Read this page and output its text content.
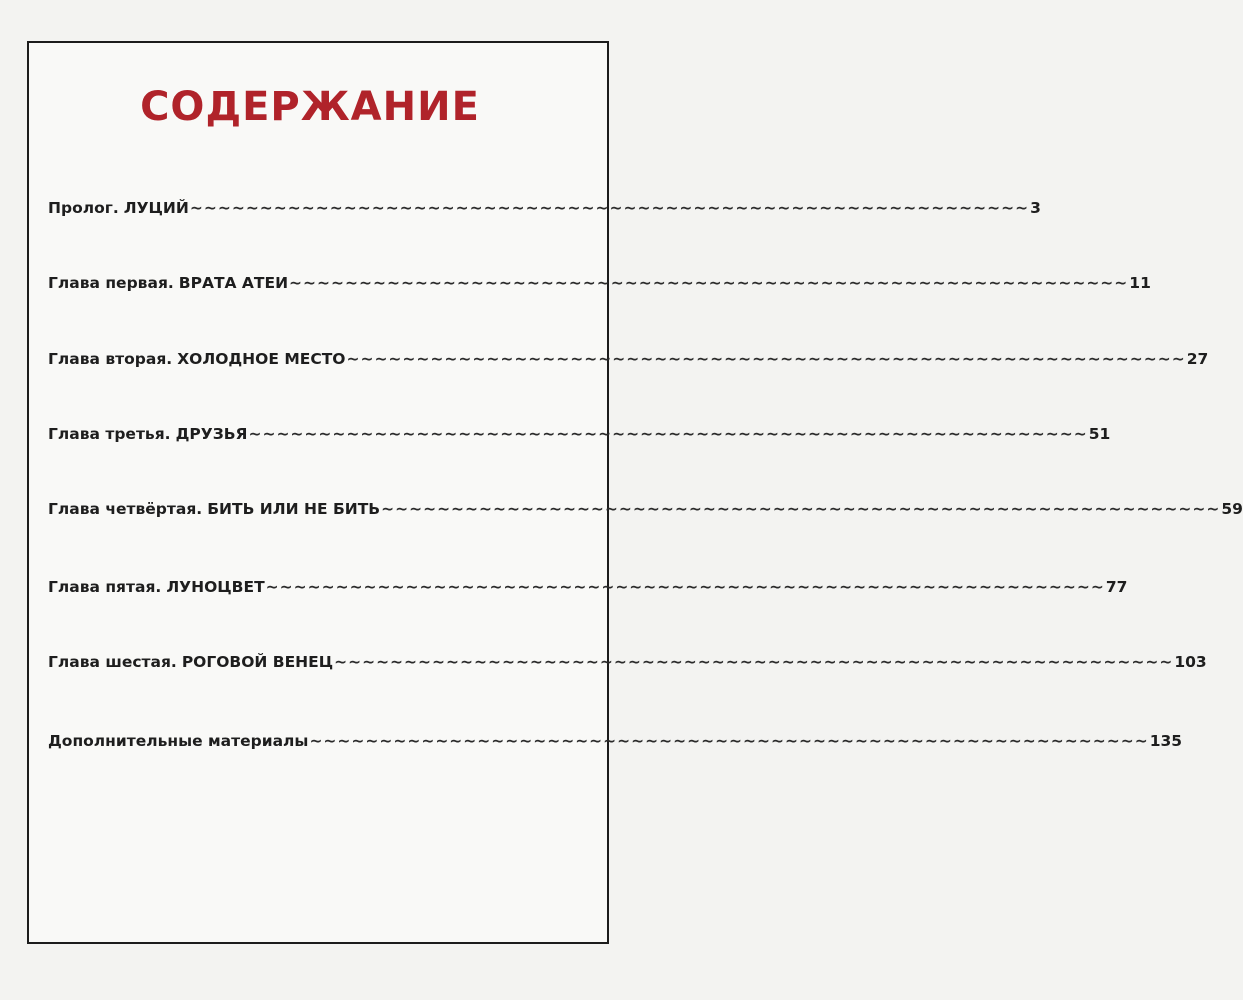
СОДЕРЖАНИЕ
Пролог. ЛУЦИЙ ~~~~~~~~~~~~~~~~~~~~~~~~~~~~~~~~~~~~~~~~~~~~~~~~~~~~~~~~~~~~ 3
Глава первая. ВРАТА АТЕИ ~~~~~~~~~~~~~~~~~~~~~~~~~~~~~~~~~~~~~~~~~~~~~~~~~~~~~~~~~~~~ 11
Глава вторая. ХОЛОДНОЕ МЕСТО ~~~~~~~~~~~~~~~~~~~~~~~~~~~~~~~~~~~~~~~~~~~~~~~~~~~~~~~~~~~~ 27
Глава третья. ДРУЗЬЯ ~~~~~~~~~~~~~~~~~~~~~~~~~~~~~~~~~~~~~~~~~~~~~~~~~~~~~~~~~~~~ 51
Глава четвёртая. БИТЬ ИЛИ НЕ БИТЬ ~~~~~~~~~~~~~~~~~~~~~~~~~~~~~~~~~~~~~~~~~~~~~~~~~~~~~~~~~~~~ 59
Глава пятая. ЛУНОЦВЕТ ~~~~~~~~~~~~~~~~~~~~~~~~~~~~~~~~~~~~~~~~~~~~~~~~~~~~~~~~~~~~ 77
Глава шестая. РОГОВОЙ ВЕНЕЦ ~~~~~~~~~~~~~~~~~~~~~~~~~~~~~~~~~~~~~~~~~~~~~~~~~~~~~~~~~~~~ 103
Дополнительные материалы ~~~~~~~~~~~~~~~~~~~~~~~~~~~~~~~~~~~~~~~~~~~~~~~~~~~~~~~~~~~~ 135
